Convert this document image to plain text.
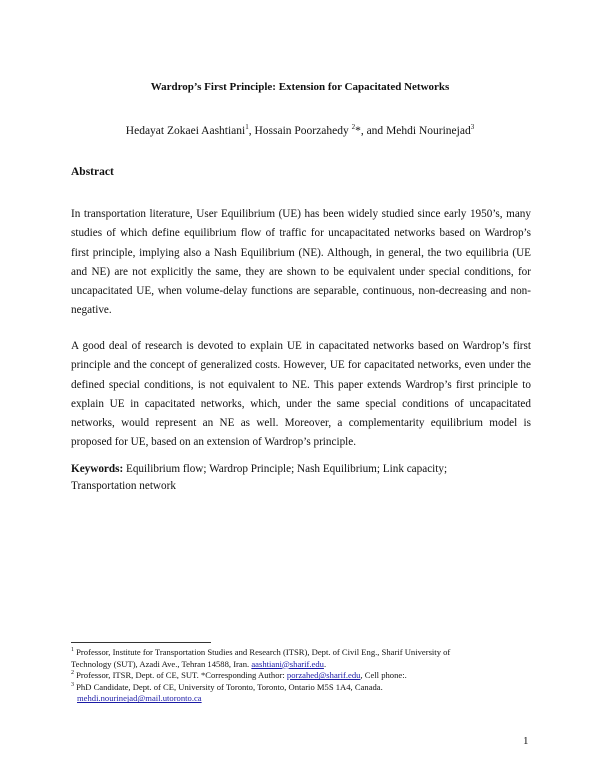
Wardrop’s First Principle: Extension for Capacitated Networks
Hedayat Zokaei Aashtiani$^1$, Hossain Poorzahedy $^2$*, and Mehdi Nourinejad$^3$
Abstract

In transportation literature, User Equilibrium (UE) has been widely studied since early 1950’s, many studies of which define equilibrium flow of traffic for uncapacitated networks based on Wardrop’s first principle, implying also a Nash Equilibrium (NE). Although, in general, the two equilibria (UE and NE) are not explicitly the same, they are shown to be equivalent under special conditions, for uncapacitated UE, when volume-delay functions are separable, continuous, non-decreasing and non-negative.

A good deal of research is devoted to explain UE in capacitated networks based on Wardrop’s first principle and the concept of generalized costs. However, UE for capacitated networks, even under the defined special conditions, is not equivalent to NE. This paper extends Wardrop’s first principle to explain UE in capacitated networks, which, under the same special conditions of uncapacitated networks, would represent an NE as well. Moreover, a complementarity equilibrium model is proposed for UE, based on an extension of Wardrop’s principle.

Keywords: Equilibrium flow; Wardrop Principle; Nash Equilibrium; Link capacity;
Transportation network

$^1$ Professor, Institute for Transportation Studies and Research (ITSR), Dept. of Civil Eng., Sharif University of

Technology (SUT), Azadi Ave., Tehran 14588, Iran. aashtiani@sharif.edu.

$^2$ Professor, ITSR, Dept. of CE, SUT. *Corresponding Author: porzahed@sharif.edu, Cell phone:.

$^3$ PhD Candidate, Dept. of CE, University of Toronto, Toronto, Ontario M5S 1A4, Canada.

mehdi.nourinejad@mail.utoronto.ca

1
